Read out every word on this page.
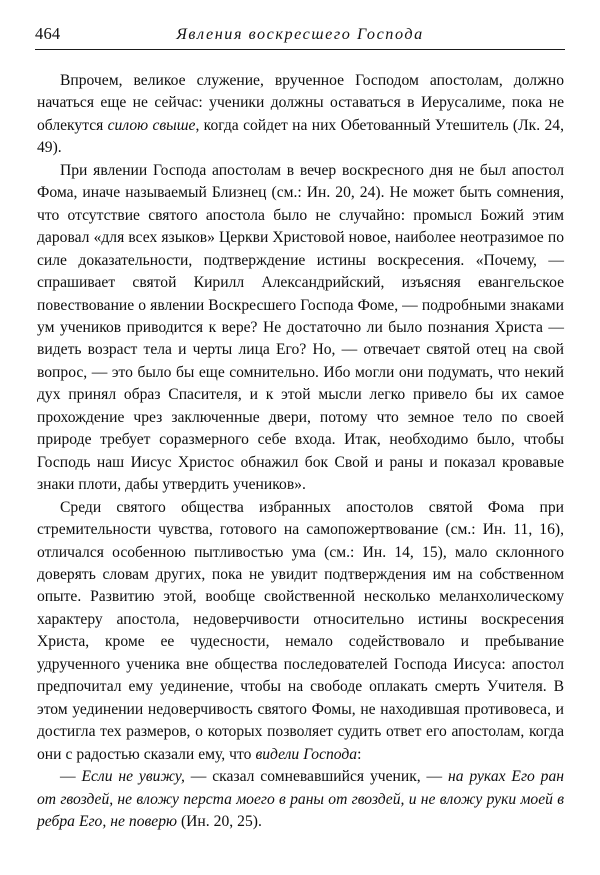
464	Явления воскресшего Господа

Впрочем, великое служение, врученное Господом апостолам, должно начаться еще не сейчас: ученики должны оставаться в Иерусалиме, пока не облекутся силою свыше, когда сойдет на них Обетованный Утешитель (Лк. 24, 49).

При явлении Господа апостолам в вечер воскресного дня не был апостол Фома, иначе называемый Близнец (см.: Ин. 20, 24). Не может быть сомнения, что отсутствие святого апостола было не случайно: промысл Божий этим даровал «для всех языков» Церкви Христовой новое, наиболее неотразимое по силе доказательности, подтверждение истины воскресения. «Почему, — спрашивает святой Кирилл Александрийский, изъясняя евангельское повествование о явлении Воскресшего Господа Фоме, — подробными знаками ум учеников приводится к вере? Не достаточно ли было познания Христа — видеть возраст тела и черты лица Его? Но, — отвечает святой отец на свой вопрос, — это было бы еще сомнительно. Ибо могли они подумать, что некий дух принял образ Спасителя, и к этой мысли легко привело бы их самое прохождение чрез заключенные двери, потому что земное тело по своей природе требует соразмерного себе входа. Итак, необходимо было, чтобы Господь наш Иисус Христос обнажил бок Свой и раны и показал кровавые знаки плоти, дабы утвердить учеников».

Среди святого общества избранных апостолов святой Фома при стремительности чувства, готового на самопожертвование (см.: Ин. 11, 16), отличался особенною пытливостью ума (см.: Ин. 14, 15), мало склонного доверять словам других, пока не увидит подтверждения им на собственном опыте. Развитию этой, вообще свойственной несколько меланхолическому характеру апостола, недоверчивости относительно истины воскресения Христа, кроме ее чудесности, немало содействовало и пребывание удрученного ученика вне общества последователей Господа Иисуса: апостол предпочитал ему уединение, чтобы на свободе оплакать смерть Учителя. В этом уединении недоверчивость святого Фомы, не находившая противовеса, и достигла тех размеров, о которых позволяет судить ответ его апостолам, когда они с радостью сказали ему, что видели Господа:

— Если не увижу, — сказал сомневавшийся ученик, — на руках Его ран от гвоздей, не вложу перста моего в раны от гвоздей, и не вложу руки моей в ребра Его, не поверю (Ин. 20, 25).
